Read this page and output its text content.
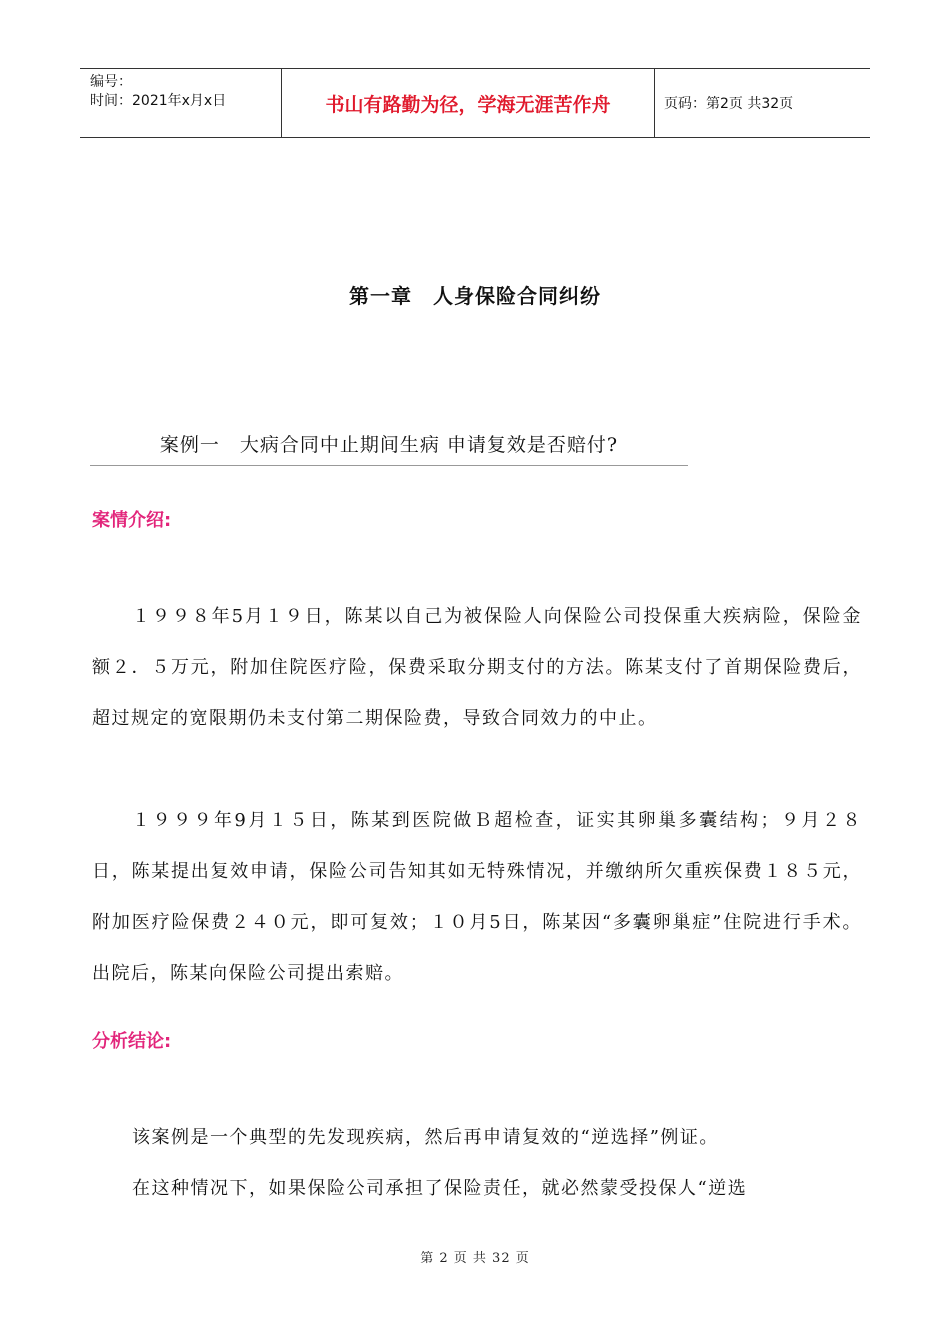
编号：
时间：2021年x月x日	书山有路勤为径，学海无涯苦作舟	页码：第2页 共32页
第一章　人身保险合同纠纷
案例一　大病合同中止期间生病 申请复效是否赔付?
案情介绍:

１９９８年5月１９日，陈某以自己为被保险人向保险公司投保重大疾病险，保险金额２．５万元，附加住院医疗险，保费采取分期支付的方法。陈某支付了首期保险费后，超过规定的宽限期仍未支付第二期保险费，导致合同效力的中止。

１９９９年9月１５日，陈某到医院做Ｂ超检查，证实其卵巢多囊结构；９月２８日，陈某提出复效申请，保险公司告知其如无特殊情况，并缴纳所欠重疾保费１８５元，附加医疗险保费２４０元，即可复效；１０月5日，陈某因“多囊卵巢症”住院进行手术。出院后，陈某向保险公司提出索赔。

分析结论:

该案例是一个典型的先发现疾病，然后再申请复效的“逆选择”例证。

在这种情况下，如果保险公司承担了保险责任，就必然蒙受投保人“逆选

第 2 页 共 32 页
